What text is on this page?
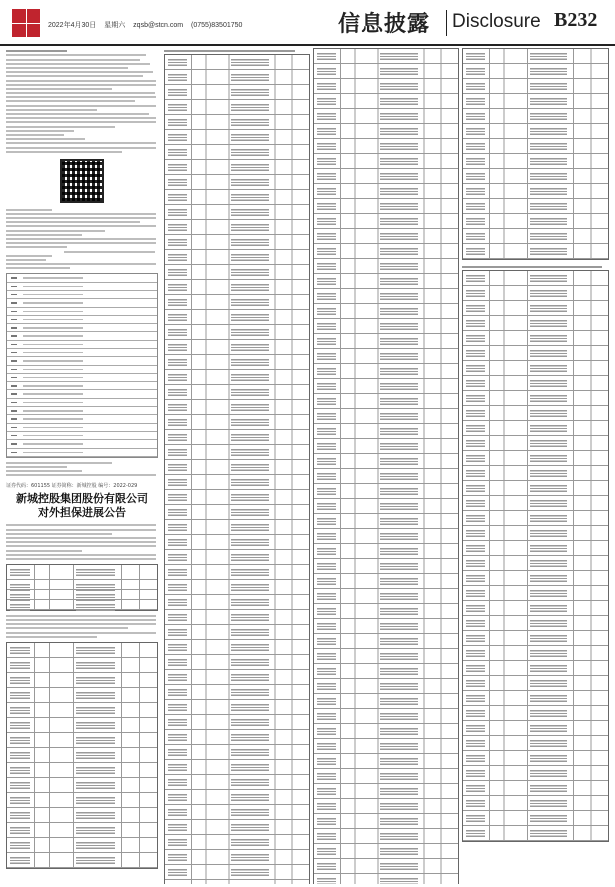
2022年4月30日 星期六 zqsb@stcn.com (0755)83501750	信息披露 Disclosure B232
证券代码：601155 证券简称：新城控股 编号：2022-029
新城控股集团股份有限公司
对外担保进展公告
